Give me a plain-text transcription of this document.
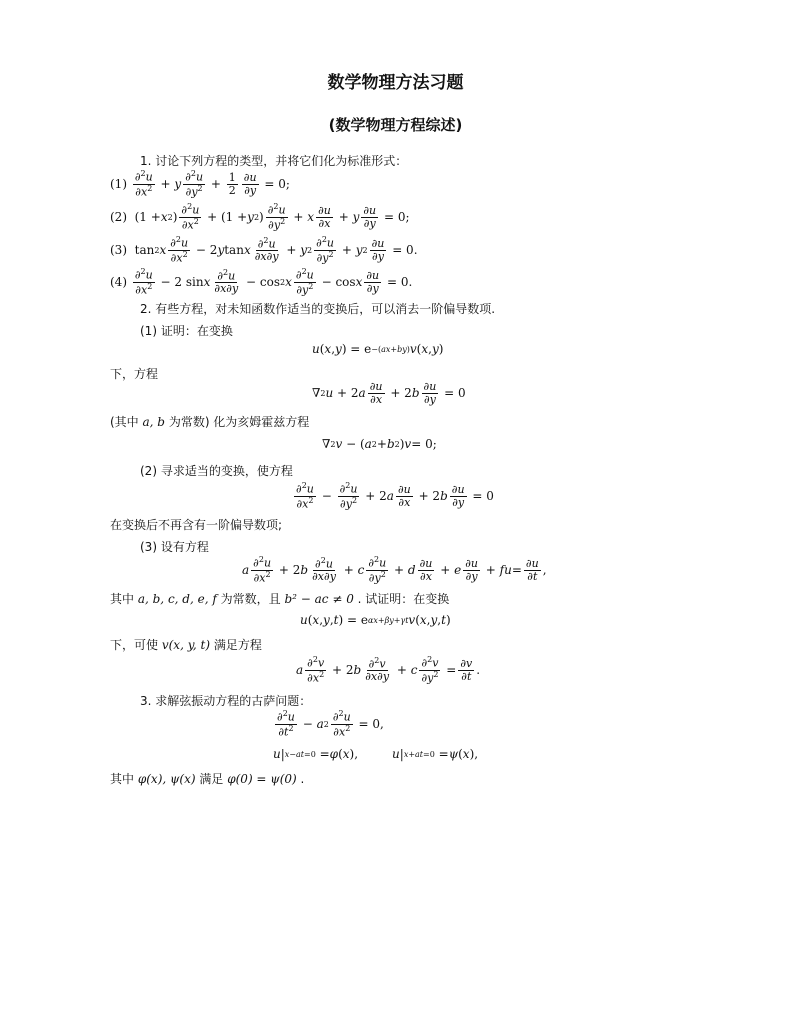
数学物理方法习题
(数学物理方程综述)
1. 讨论下列方程的类型，并将它们化为标准形式：
(1)
$\frac{\partial^2u}{\partial x^2} + y \frac{\partial^2u}{\partial y^2} + \frac{1}{2} \frac{\partial u}{\partial y} = 0$;
(2) (1 + x 2 ) $\frac{\partial^2u}{\partial x^2} + (1 + y$ 2 ) $\frac{\partial^2u}{\partial y^2} + x \frac{\partial u}{\partial x} + y \frac{\partial u}{\partial y} = 0$;
(3) tan 2 x $\frac{\partial^2u}{\partial x^2} - 2$ y tan x $\frac{\partial^2u}{\partial x\partial y} + y$ $2 \frac{\partial^2u}{\partial y^2} + y$ $2 \frac{\partial u}{\partial y} = 0$.
(4)
$\frac{\partial^2u}{\partial x^2} - 2$ sin x $\frac{\partial^2u}{\partial x\partial y} - \cos 2$ x $\frac{\partial^2u}{\partial y^2} - \cos x \frac{\partial u}{\partial y} = 0$.
2. 有些方程，对未知函数作适当的变换后，可以消去一阶偏导数项.
(1) 证明：在变换
u ( x , y ) = e −(ax+by) v ( x , y )
下，方程
∇ 2 u + 2 a $\frac{\partial u}{\partial x} + 2$ b $\frac{\partial u}{\partial y} = 0$
(其中 a, b 为常数) 化为亥姆霍兹方程
∇ 2 v − ( a 2 + b 2 ) v = 0;
(2) 寻求适当的变换，使方程
$\frac{\partial^2u}{\partial x^2} - \frac{\partial^2u}{\partial y^2} + 2$ a $\frac{\partial u}{\partial x} + 2$ b $\frac{\partial u}{\partial y} = 0$
在变换后不再含有一阶偏导数项;
(3) 设有方程
a $\frac{\partial^2u}{\partial x^2} + 2$ b $\frac{\partial^2u}{\partial x\partial y} + c \frac{\partial^2u}{\partial y^2} + d \frac{\partial u}{\partial x} + e \frac{\partial u}{\partial y}$ + fu = $\frac{\partial u}{\partial t}$ ,
其中 a, b, c, d, e, f 为常数，且 b² − ac ≠ 0 . 试证明：在变换
u ( x , y , t ) = e αx+βy+γt v ( x , y , t )
下，可使 v(x, y, t) 满足方程
a $\frac{\partial^2v}{\partial x^2} + 2$ b $\frac{\partial^2v}{\partial x\partial y} + c \frac{\partial^2v}{\partial y^2} = \frac{\partial v}{\partial t}$ .
3. 求解弦振动方程的古萨问题：
$\frac{\partial^2u}{\partial t^2} - a$ $2 \frac{\partial^2u}{\partial x^2} = 0$,
u | x−at=0 = φ ( x ),	u | x+at=0 = ψ ( x ),
其中 φ(x), ψ(x) 满足 φ(0) = ψ(0) .
